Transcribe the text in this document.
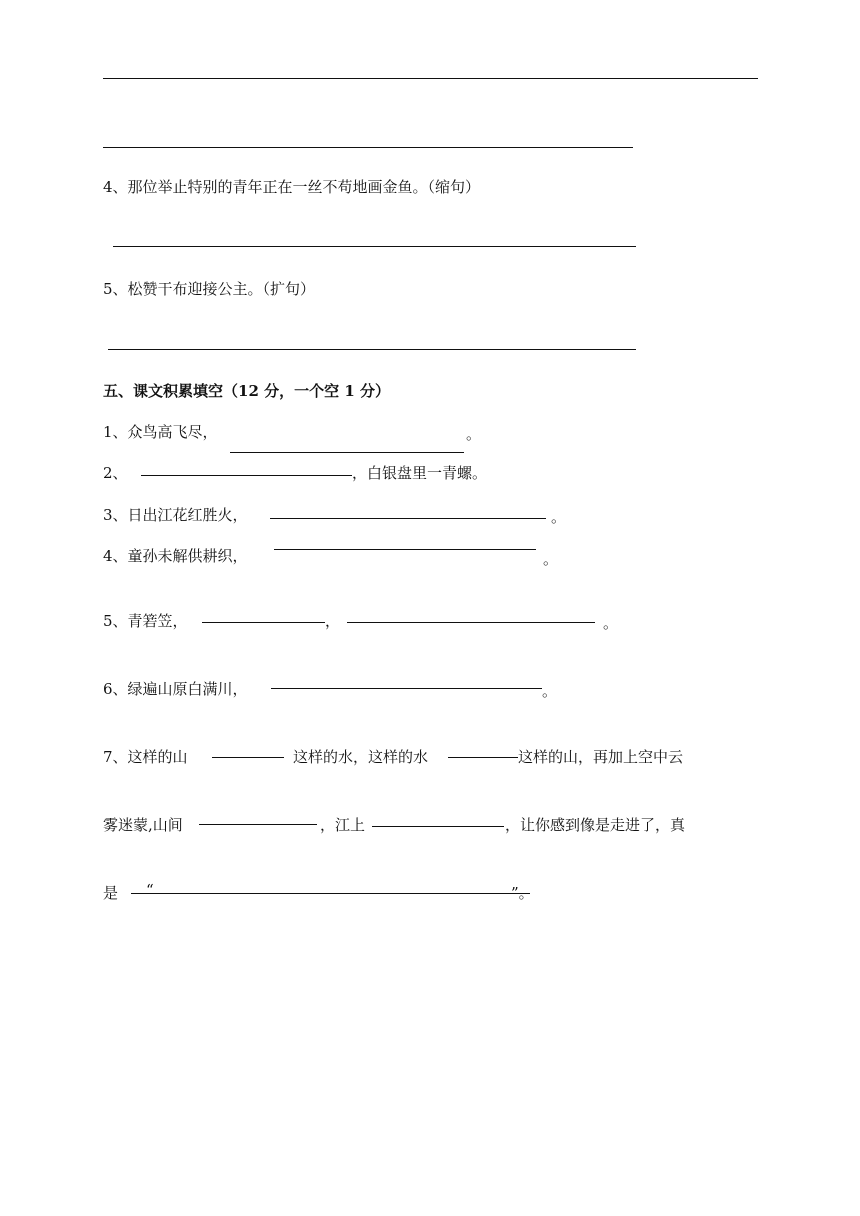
4、那位举止特别的青年正在一丝不苟地画金鱼。（缩句）
5、松赞干布迎接公主。（扩句）
五、课文积累填空（12 分，一个空 1 分）
1、众鸟高飞尽，	。
2、	，白银盘里一青螺。
3、日出江花红胜火，	。
4、童孙未解供耕织，	。
5、青箬笠，	，	。
6、绿遍山原白满川，	。
7、这样的山	这样的水，这样的水	这样的山，再加上空中云
雾迷蒙,山间	，江上	，让你感到像是走进了，真
是 “	”。
